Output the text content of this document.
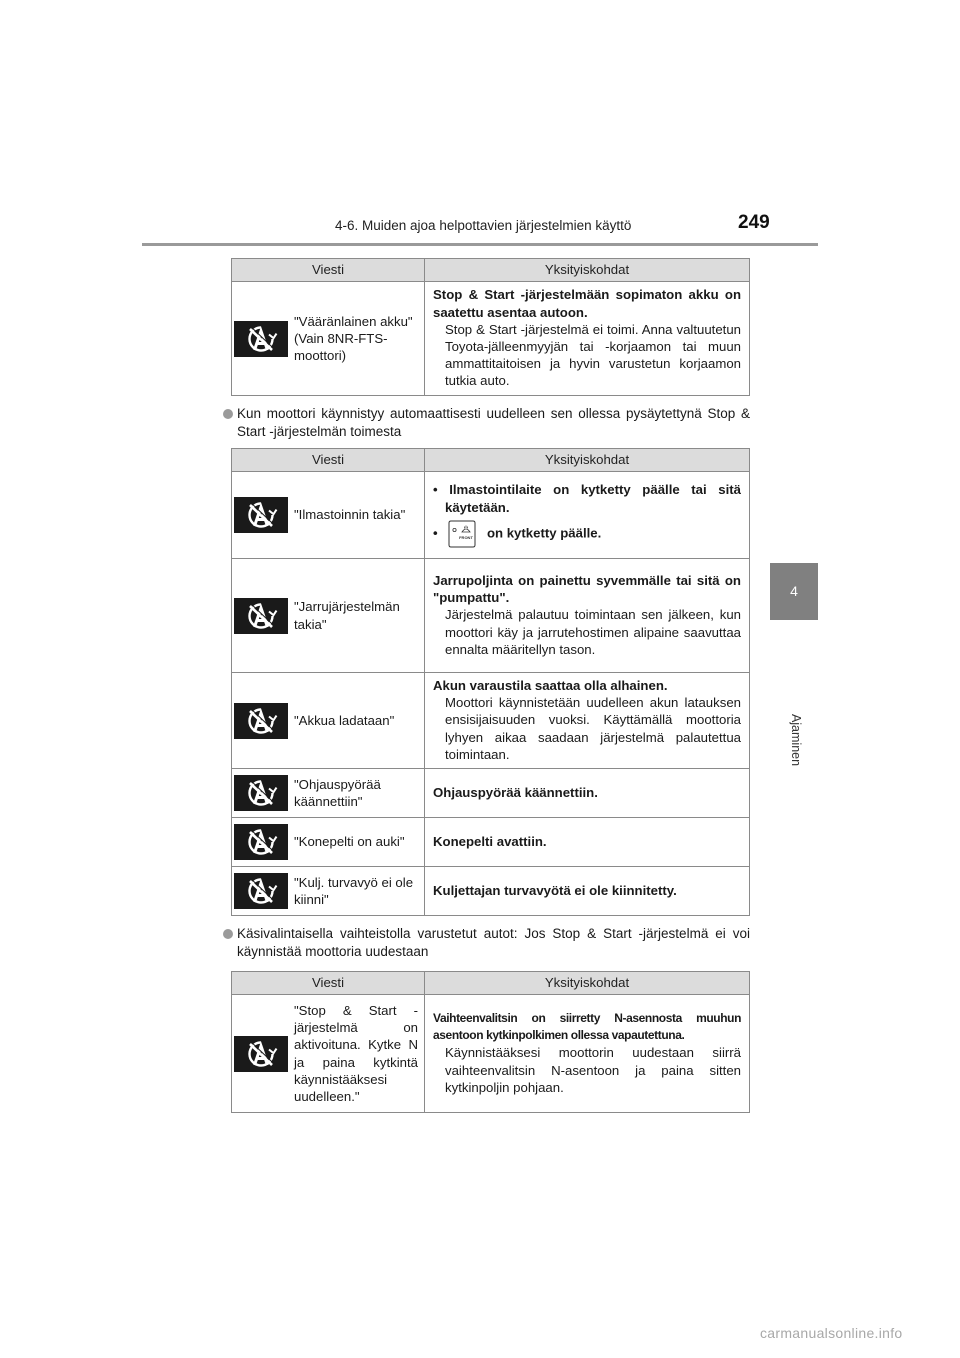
4-6. Muiden ajoa helpottavien järjestelmien käyttö	249
4
Ajaminen
Viesti		Yksityiskohdat
	"Vääränlainen akku" (Vain 8NR-FTS-moottori)	Stop & Start -järjestelmään sopimaton akku on saatettu asentaa autoon.
Stop & Start -järjestelmä ei toimi. Anna valtuutetun Toyota-jälleenmyyjän tai -korjaamon tai muun ammattitaitoisen ja hyvin varustetun korjaamon tutkia auto.
Kun moottori käynnistyy automaattisesti uudelleen sen ollessa pysäytettynä Stop & Start -järjestelmän toimesta
Viesti		Yksityiskohdat
	"Ilmastoinnin takia"	• Ilmastointilaite on kytketty päälle tai sitä käytetään.
• FRONT on kytketty päälle.

	"Jarrujärjestelmän takia"	Jarrupoljinta on painettu syvemmälle tai sitä on "pumpattu".
Järjestelmä palautuu toimintaan sen jälkeen, kun moottori käy ja jarrutehostimen alipaine saavuttaa ennalta määritellyn tason.

	"Akkua ladataan"	Akun varaustila saattaa olla alhainen.
Moottori käynnistetään uudelleen akun latauksen ensisijaisuuden vuoksi. Käyttämällä moottoria lyhyen aikaa saadaan järjestelmä palautettua toimintaan.

	"Ohjauspyörää käännettiin"	Ohjauspyörää käännettiin.

	"Konepelti on auki"	Konepelti avattiin.

	"Kulj. turvavyö ei ole kiinni"	Kuljettajan turvavyötä ei ole kiinnitetty.
Käsivalintaisella vaihteistolla varustetut autot: Jos Stop & Start -järjestelmä ei voi käynnistää moottoria uudestaan
Viesti		Yksityiskohdat
	"Stop & Start -järjestelmä on aktivoituna. Kytke N ja paina kytkintä käynnistääksesi uudelleen."	Vaihteenvalitsin on siirretty N-asennosta muuhun asentoon kytkinpolkimen ollessa vapautettuna.
Käynnistääksesi moottorin uudestaan siirrä vaihteenvalitsin N-asentoon ja paina sitten kytkinpoljin pohjaan.
carmanualsonline.info
